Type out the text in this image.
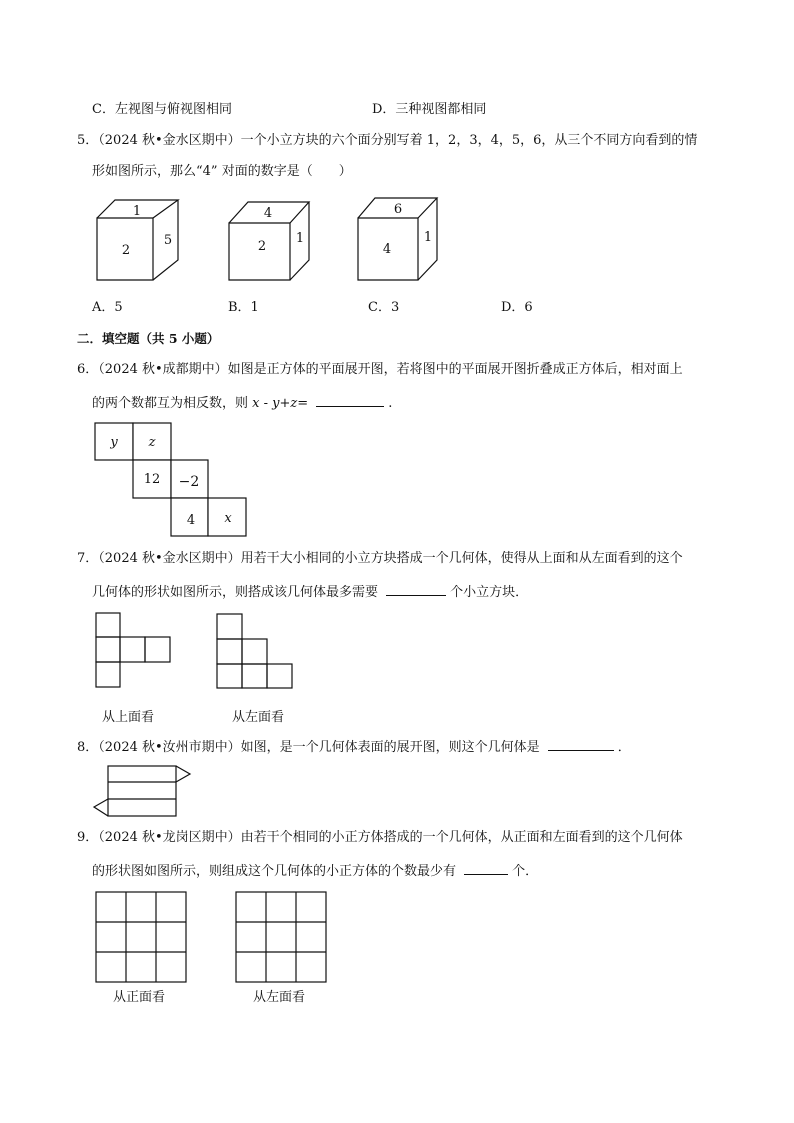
C．左视图与俯视图相同	D．三种视图都相同
5．（2024 秋•金水区期中）一个小立方块的六个面分别写着 1，2，3，4，5，6，从三个不同方向看到的情
形如图所示，那么“4” 对面的数字是（　　）
1
2
5
4
2
1
6
4
1
A．5	B．1	C．3	D．6
二．填空题（共 5 小题）
6．（2024 秋•成都期中）如图是正方体的平面展开图，若将图中的平面展开图折叠成正方体后，相对面上
的两个数都互为相反数，则 x - y+z=	.
y z
12 −2
4 x
7．（2024 秋•金水区期中）用若干大小相同的小立方块搭成一个几何体，使得从上面和从左面看到的这个
几何体的形状如图所示，则搭成该几何体最多需要	个小立方块．
从上面看	从左面看
8．（2024 秋•汝州市期中）如图，是一个几何体表面的展开图，则这个几何体是	．
9．（2024 秋•龙岗区期中）由若干个相同的小正方体搭成的一个几何体，从正面和左面看到的这个几何体
的形状图如图所示，则组成这个几何体的小正方体的个数最少有	个．
从正面看	从左面看
